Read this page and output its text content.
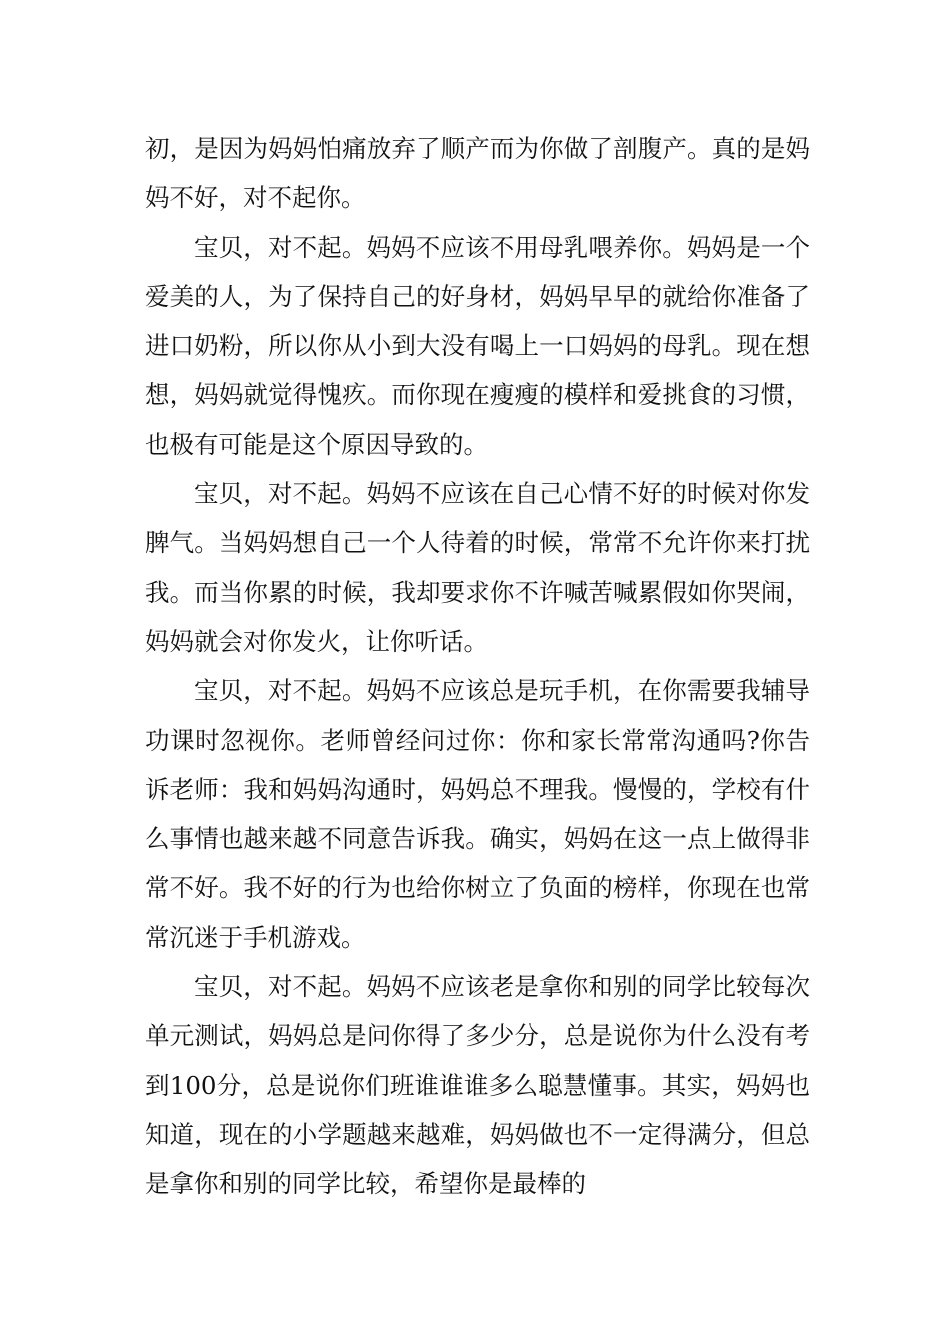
初，是因为妈妈怕痛放弃了顺产而为你做了剖腹产。真的是妈妈不好，对不起你。

宝贝，对不起。妈妈不应该不用母乳喂养你。妈妈是一个爱美的人，为了保持自己的好身材，妈妈早早的就给你准备了进口奶粉，所以你从小到大没有喝上一口妈妈的母乳。现在想想，妈妈就觉得愧疚。而你现在瘦瘦的模样和爱挑食的习惯，也极有可能是这个原因导致的。

宝贝，对不起。妈妈不应该在自己心情不好的时候对你发脾气。当妈妈想自己一个人待着的时候，常常不允许你来打扰我。而当你累的时候，我却要求你不许喊苦喊累假如你哭闹，妈妈就会对你发火，让你听话。

宝贝，对不起。妈妈不应该总是玩手机，在你需要我辅导功课时忽视你。老师曾经问过你：你和家长常常沟通吗?你告诉老师：我和妈妈沟通时，妈妈总不理我。慢慢的，学校有什么事情也越来越不同意告诉我。确实，妈妈在这一点上做得非常不好。我不好的行为也给你树立了负面的榜样，你现在也常常沉迷于手机游戏。

宝贝，对不起。妈妈不应该老是拿你和别的同学比较每次单元测试，妈妈总是问你得了多少分，总是说你为什么没有考到100分，总是说你们班谁谁谁多么聪慧懂事。其实，妈妈也知道，现在的小学题越来越难，妈妈做也不一定得满分，但总是拿你和别的同学比较，希望你是最棒的
